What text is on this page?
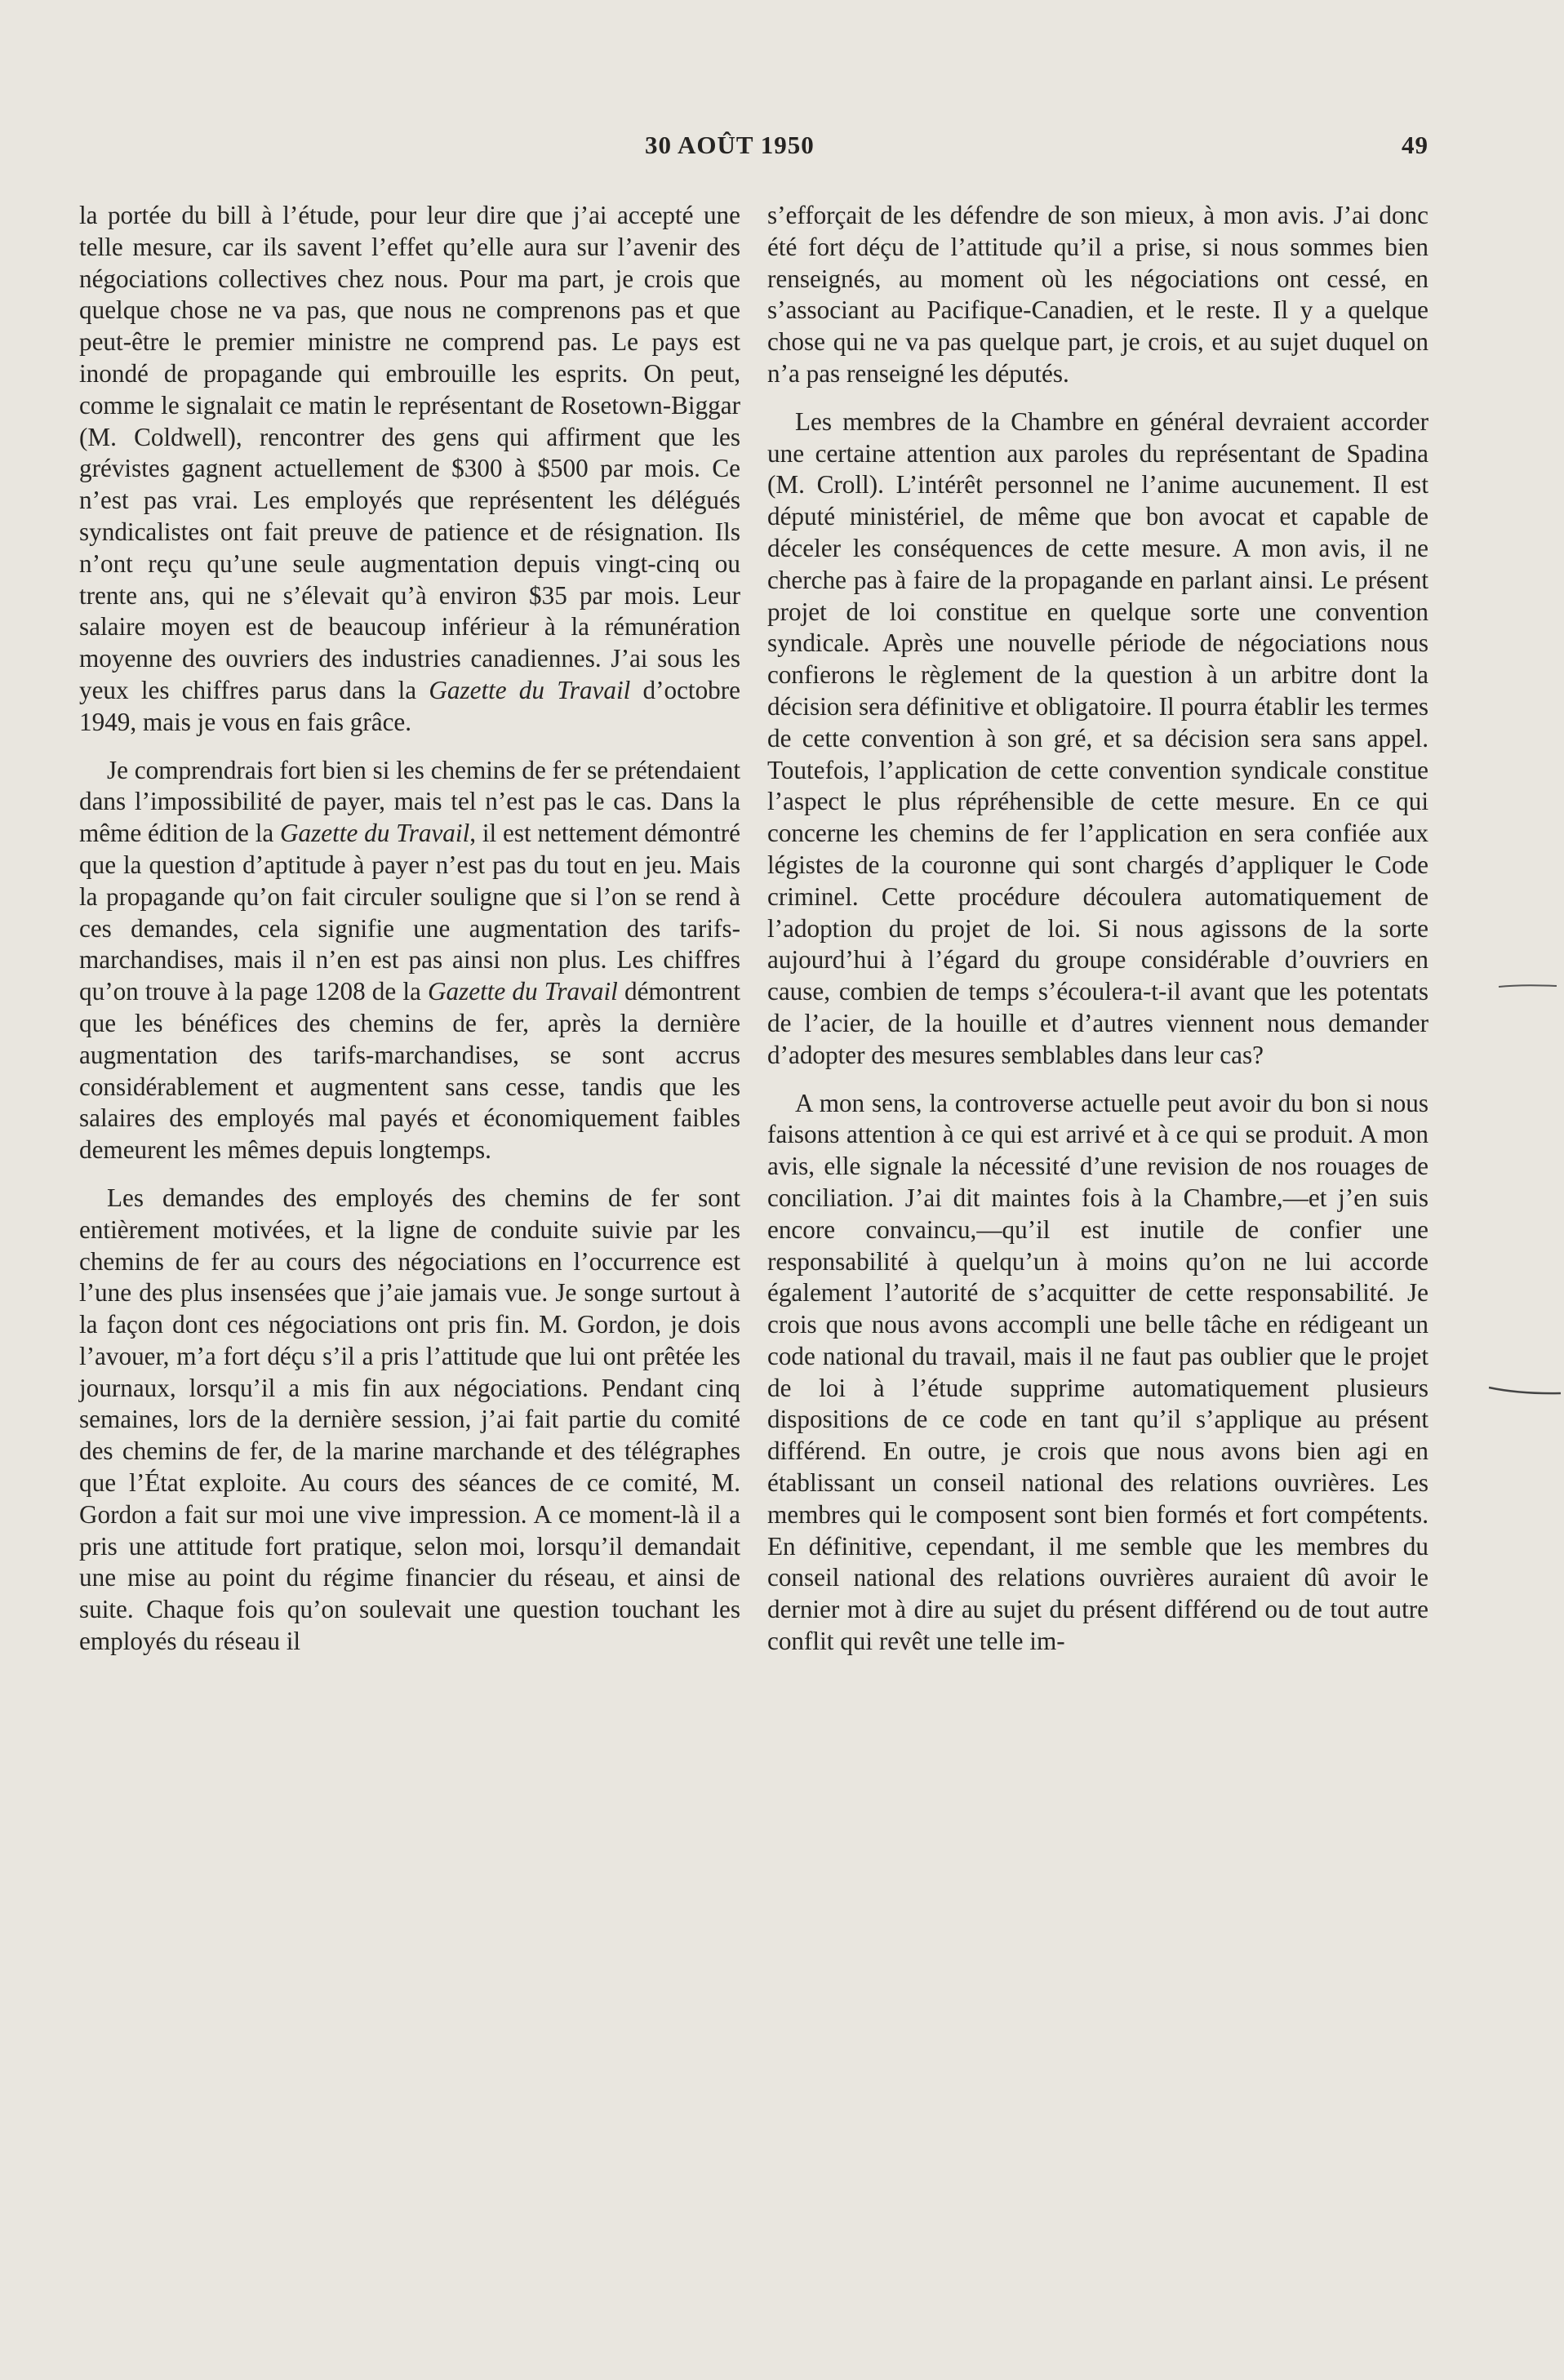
30 AOÛT 1950	49

la portée du bill à l’étude, pour leur dire que j’ai accepté une telle mesure, car ils savent l’effet qu’elle aura sur l’avenir des négociations collectives chez nous. Pour ma part, je crois que quelque chose ne va pas, que nous ne comprenons pas et que peut-être le premier ministre ne comprend pas. Le pays est inondé de propagande qui embrouille les esprits. On peut, comme le signalait ce matin le représentant de Rosetown-Biggar (M. Coldwell), rencontrer des gens qui affirment que les grévistes gagnent actuellement de $300 à $500 par mois. Ce n’est pas vrai. Les employés que représentent les délégués syndicalistes ont fait preuve de patience et de résignation. Ils n’ont reçu qu’une seule augmentation depuis vingt-cinq ou trente ans, qui ne s’élevait qu’à environ $35 par mois. Leur salaire moyen est de beaucoup inférieur à la rémunération moyenne des ouvriers des industries canadiennes. J’ai sous les yeux les chiffres parus dans la Gazette du Travail d’octobre 1949, mais je vous en fais grâce.

Je comprendrais fort bien si les chemins de fer se prétendaient dans l’impossibilité de payer, mais tel n’est pas le cas. Dans la même édition de la Gazette du Travail, il est nettement démontré que la question d’aptitude à payer n’est pas du tout en jeu. Mais la propagande qu’on fait circuler souligne que si l’on se rend à ces demandes, cela signifie une augmentation des tarifs-marchandises, mais il n’en est pas ainsi non plus. Les chiffres qu’on trouve à la page 1208 de la Gazette du Travail démontrent que les bénéfices des chemins de fer, après la dernière augmentation des tarifs-marchandises, se sont accrus considérablement et augmentent sans cesse, tandis que les salaires des employés mal payés et économiquement faibles demeurent les mêmes depuis longtemps.

Les demandes des employés des chemins de fer sont entièrement motivées, et la ligne de conduite suivie par les chemins de fer au cours des négociations en l’occurrence est l’une des plus insensées que j’aie jamais vue. Je songe surtout à la façon dont ces négociations ont pris fin. M. Gordon, je dois l’avouer, m’a fort déçu s’il a pris l’attitude que lui ont prêtée les journaux, lorsqu’il a mis fin aux négociations. Pendant cinq semaines, lors de la dernière session, j’ai fait partie du comité des chemins de fer, de la marine marchande et des télégraphes que l’État exploite. Au cours des séances de ce comité, M. Gordon a fait sur moi une vive impression. A ce moment-là il a pris une attitude fort pratique, selon moi, lorsqu’il demandait une mise au point du régime financier du réseau, et ainsi de suite. Chaque fois qu’on soulevait une question touchant les employés du réseau il

s’efforçait de les défendre de son mieux, à mon avis. J’ai donc été fort déçu de l’attitude qu’il a prise, si nous sommes bien renseignés, au moment où les négociations ont cessé, en s’associant au Pacifique-Canadien, et le reste. Il y a quelque chose qui ne va pas quelque part, je crois, et au sujet duquel on n’a pas renseigné les députés.

Les membres de la Chambre en général devraient accorder une certaine attention aux paroles du représentant de Spadina (M. Croll). L’intérêt personnel ne l’anime aucunement. Il est député ministériel, de même que bon avocat et capable de déceler les conséquences de cette mesure. A mon avis, il ne cherche pas à faire de la propagande en parlant ainsi. Le présent projet de loi constitue en quelque sorte une convention syndicale. Après une nouvelle période de négociations nous confierons le règlement de la question à un arbitre dont la décision sera définitive et obligatoire. Il pourra établir les termes de cette convention à son gré, et sa décision sera sans appel. Toutefois, l’application de cette convention syndicale constitue l’aspect le plus répréhensible de cette mesure. En ce qui concerne les chemins de fer l’application en sera confiée aux légistes de la couronne qui sont chargés d’appliquer le Code criminel. Cette procédure découlera automatiquement de l’adoption du projet de loi. Si nous agissons de la sorte aujourd’hui à l’égard du groupe considérable d’ouvriers en cause, combien de temps s’écoulera-t-il avant que les potentats de l’acier, de la houille et d’autres viennent nous demander d’adopter des mesures semblables dans leur cas?

A mon sens, la controverse actuelle peut avoir du bon si nous faisons attention à ce qui est arrivé et à ce qui se produit. A mon avis, elle signale la nécessité d’une revision de nos rouages de conciliation. J’ai dit maintes fois à la Chambre,—et j’en suis encore convaincu,—qu’il est inutile de confier une responsabilité à quelqu’un à moins qu’on ne lui accorde également l’autorité de s’acquitter de cette responsabilité. Je crois que nous avons accompli une belle tâche en rédigeant un code national du travail, mais il ne faut pas oublier que le projet de loi à l’étude supprime automatiquement plusieurs dispositions de ce code en tant qu’il s’applique au présent différend. En outre, je crois que nous avons bien agi en établissant un conseil national des relations ouvrières. Les membres qui le composent sont bien formés et fort compétents. En définitive, cependant, il me semble que les membres du conseil national des relations ouvrières auraient dû avoir le dernier mot à dire au sujet du présent différend ou de tout autre conflit qui revêt une telle im-
